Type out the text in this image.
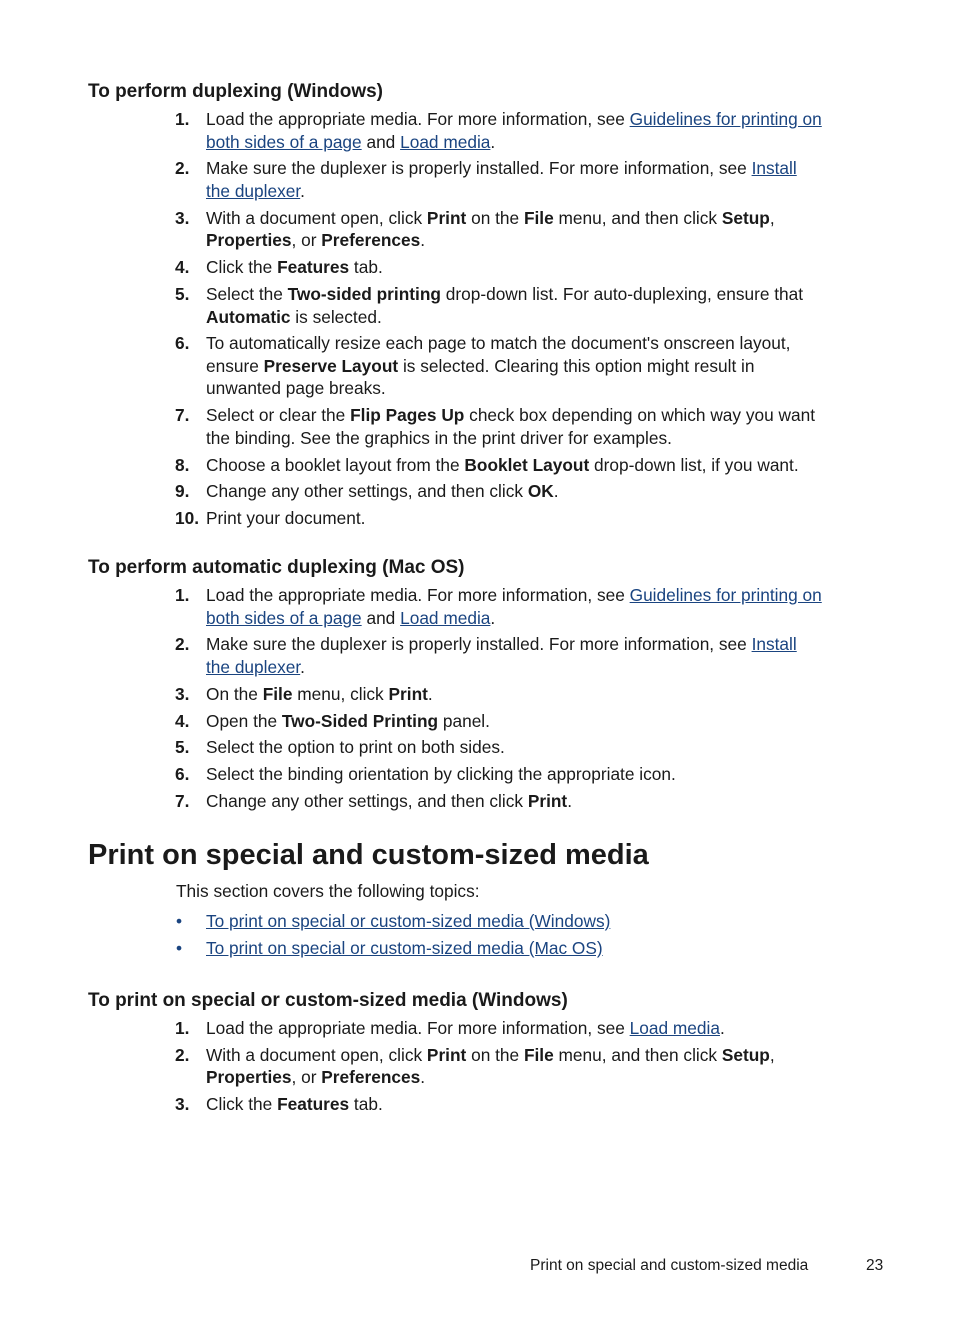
To perform duplexing (Windows)
1. Load the appropriate media. For more information, see Guidelines for printing on both sides of a page and Load media.
2. Make sure the duplexer is properly installed. For more information, see Install the duplexer.
3. With a document open, click Print on the File menu, and then click Setup, Properties, or Preferences.
4. Click the Features tab.
5. Select the Two-sided printing drop-down list. For auto-duplexing, ensure that Automatic is selected.
6. To automatically resize each page to match the document's onscreen layout, ensure Preserve Layout is selected. Clearing this option might result in unwanted page breaks.
7. Select or clear the Flip Pages Up check box depending on which way you want the binding. See the graphics in the print driver for examples.
8. Choose a booklet layout from the Booklet Layout drop-down list, if you want.
9. Change any other settings, and then click OK.
10. Print your document.
To perform automatic duplexing (Mac OS)
1. Load the appropriate media. For more information, see Guidelines for printing on both sides of a page and Load media.
2. Make sure the duplexer is properly installed. For more information, see Install the duplexer.
3. On the File menu, click Print.
4. Open the Two-Sided Printing panel.
5. Select the option to print on both sides.
6. Select the binding orientation by clicking the appropriate icon.
7. Change any other settings, and then click Print.
Print on special and custom-sized media

This section covers the following topics:

• To print on special or custom-sized media (Windows)
• To print on special or custom-sized media (Mac OS)
To print on special or custom-sized media (Windows)
1. Load the appropriate media. For more information, see Load media.
2. With a document open, click Print on the File menu, and then click Setup, Properties, or Preferences.
3. Click the Features tab.
Print on special and custom-sized media	23
